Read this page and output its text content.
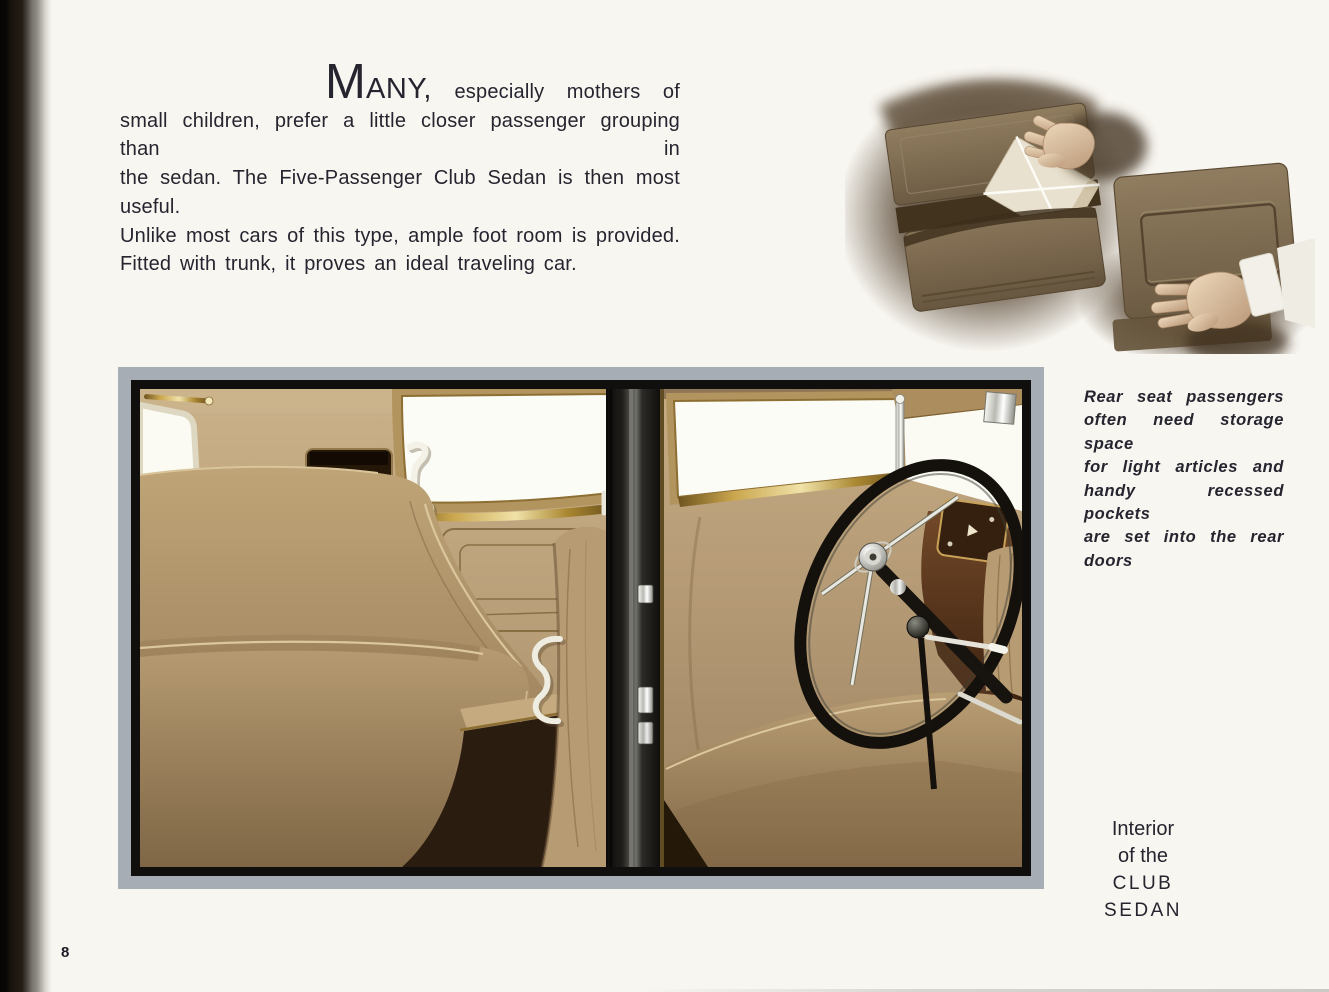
MANY, especially mothers of
small children, prefer a little closer passenger grouping than in
the sedan. The Five-Passenger Club Sedan is then most useful.
Unlike most cars of this type, ample foot room is provided.
Fitted with trunk, it proves an ideal traveling car.
Rear seat passengers
often need storage space
for light articles and
handy recessed pockets
are set into the rear doors
Interior
of the
CLUB SEDAN
8
